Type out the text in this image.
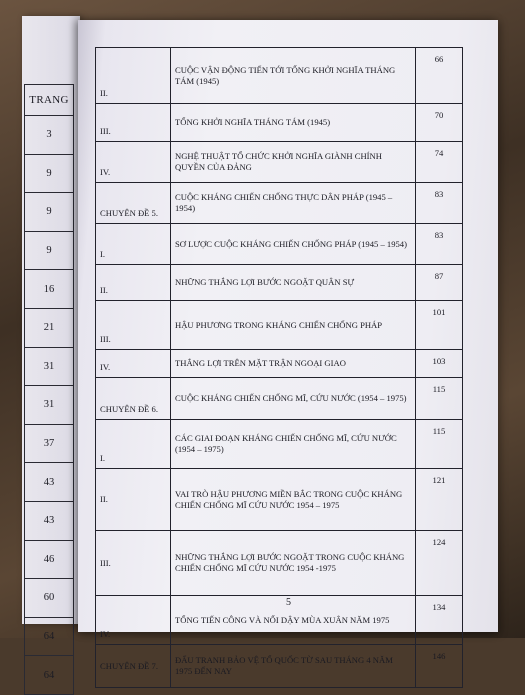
TRANG
3
9
9
9
16
21
31
31
37
43
43
46
60
64
64
II.	CUỘC VẬN ĐỘNG TIẾN TỚI TỔNG KHỞI NGHĨA THÁNG TÁM (1945)	66
III.	TỔNG KHỞI NGHĨA THÁNG TÁM (1945)	70
IV.	NGHỆ THUẬT TỔ CHỨC KHỞI NGHĨA GIÀNH CHÍNH QUYỀN CỦA ĐẢNG	74
CHUYÊN ĐỀ 5.	CUỘC KHÁNG CHIẾN CHỐNG THỰC DÂN PHÁP (1945 – 1954)	83
I.	SƠ LƯỢC CUỘC KHÁNG CHIẾN CHỐNG PHÁP (1945 – 1954)	83
II.	NHỮNG THẮNG LỢI BƯỚC NGOẶT QUÂN SỰ	87
III.	HẬU PHƯƠNG TRONG KHÁNG CHIẾN CHỐNG PHÁP	101
IV.	THẮNG LỢI TRÊN MẶT TRẬN NGOẠI GIAO	103
CHUYÊN ĐỀ 6.	CUỘC KHÁNG CHIẾN CHỐNG MĨ, CỨU NƯỚC (1954 – 1975)	115
I.	CÁC GIAI ĐOẠN KHÁNG CHIẾN CHỐNG MĨ, CỨU NƯỚC (1954 – 1975)	115
II.	VAI TRÒ HẬU PHƯƠNG MIỀN BẮC TRONG CUỘC KHÁNG CHIẾN CHỐNG MĨ CỨU NƯỚC 1954 – 1975	121
III.	NHỮNG THẮNG LỢI BƯỚC NGOẶT TRONG CUỘC KHÁNG CHIẾN CHỐNG MĨ CỨU NƯỚC 1954 -1975	124
IV.	TỔNG TIẾN CÔNG VÀ NỔI DẬY MÙA XUÂN NĂM 1975	134
CHUYÊN ĐỀ 7.	ĐẤU TRANH BẢO VỆ TỔ QUỐC TỪ SAU THÁNG 4 NĂM 1975 ĐẾN NAY	146
5
